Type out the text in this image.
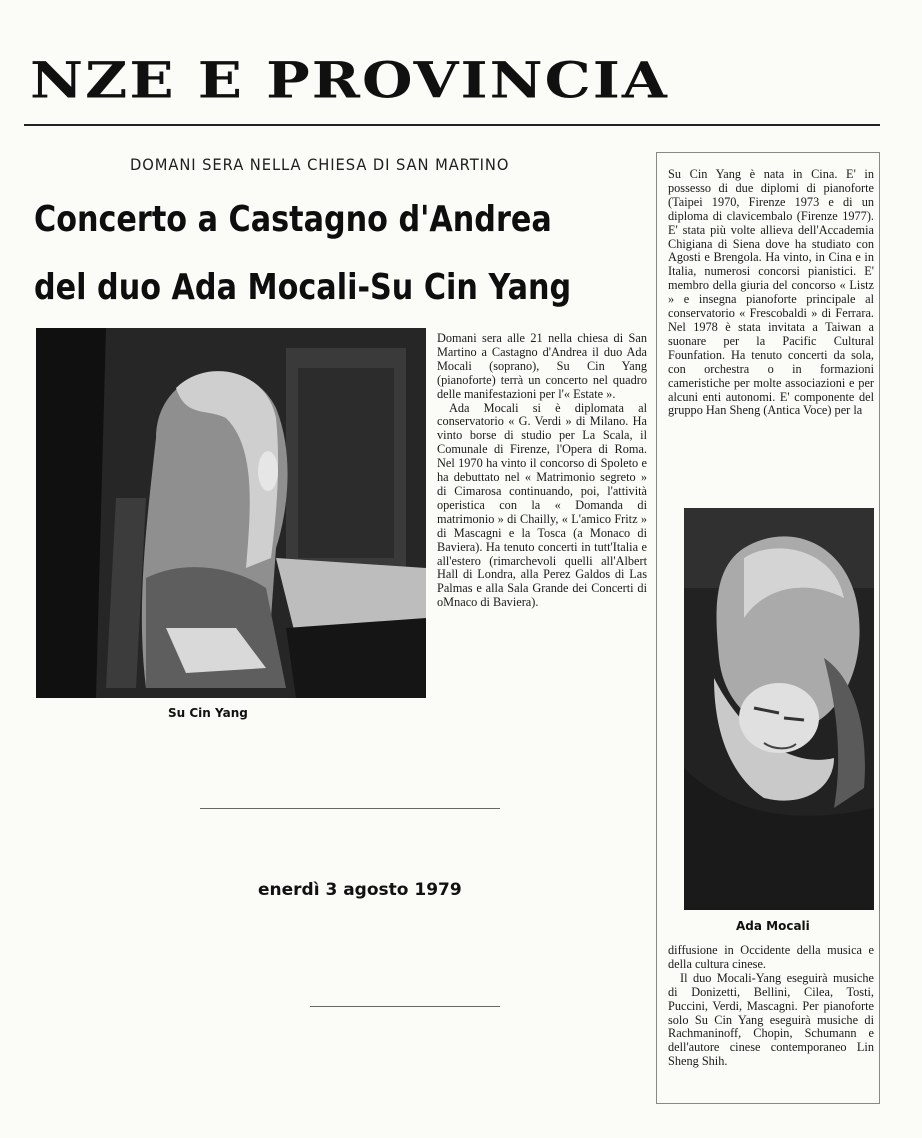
NZE E PROVINCIA
DOMANI SERA NELLA CHIESA DI SAN MARTINO
Concerto a Castagno d'Andrea
del duo Ada Mocali-Su Cin Yang
Su Cin Yang

Domani sera alle 21 nella chiesa di San Martino a Castagno d'Andrea il duo Ada Mocali (soprano), Su Cin Yang (pianoforte) terrà un concerto nel quadro delle manifestazioni per l'« Estate ».

Ada Mocali si è diplomata al conservatorio « G. Verdi » di Milano. Ha vinto borse di studio per La Scala, il Comunale di Firenze, l'Opera di Roma. Nel 1970 ha vinto il concorso di Spoleto e ha debuttato nel « Matrimonio segreto » di Cimarosa continuando, poi, l'attività operistica con la « Domanda di matrimonio » di Chailly, « L'amico Fritz » di Mascagni e la Tosca (a Monaco di Baviera). Ha tenuto concerti in tutt'Italia e all'estero (rimarchevoli quelli all'Albert Hall di Londra, alla Perez Galdos di Las Palmas e alla Sala Grande dei Concerti di oMnaco di Baviera).

Su Cin Yang è nata in Cina. E' in possesso di due diplomi di pianoforte (Taipei 1970, Firenze 1973 e di un diploma di clavicembalo (Firenze 1977). E' stata più volte allieva dell'Accademia Chigiana di Siena dove ha studiato con Agosti e Brengola. Ha vinto, in Cina e in Italia, numerosi concorsi pianistici. E' membro della giuria del concorso « Listz » e insegna pianoforte principale al conservatorio « Frescobaldi » di Ferrara. Nel 1978 è stata invitata a Taiwan a suonare per la Pacific Cultural Founfation. Ha tenuto concerti da sola, con orchestra o in formazioni cameristiche per molte associazioni e per alcuni enti autonomi. E' componente del gruppo Han Sheng (Antica Voce) per la

Ada Mocali

diffusione in Occidente della musica e della cultura cinese.

Il duo Mocali-Yang eseguirà musiche di Donizetti, Bellini, Cilea, Tosti, Puccini, Verdi, Mascagni. Per pianoforte solo Su Cin Yang eseguirà musiche di Rachmaninoff, Chopin, Schumann e dell'autore cinese contemporaneo Lin Sheng Shih.

enerdì 3 agosto 1979
